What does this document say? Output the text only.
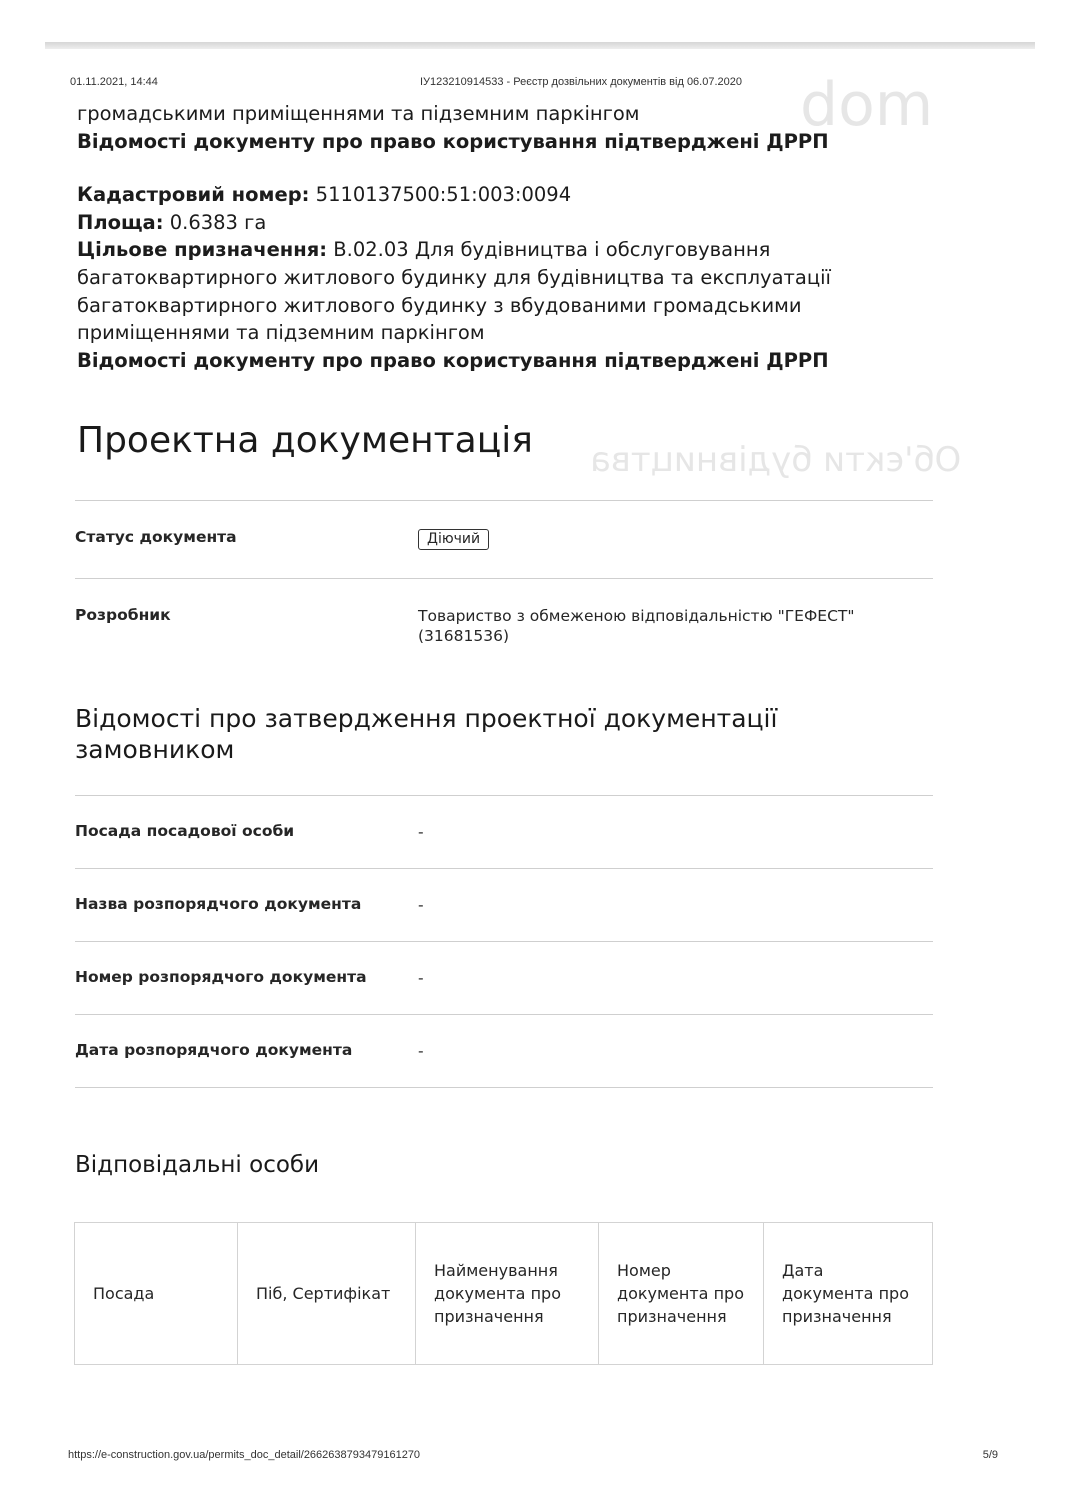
dom
Об'єкти будівництва
01.11.2021, 14:44	ІУ123210914533 - Реєстр дозвільних документів від 06.07.2020

громадськими приміщеннями та підземним паркінгом

Відомості документу про право користування підтверджені ДРРП

Кадастровий номер: 5110137500:51:003:0094

Площа: 0.6383 га

Цільове призначення: В.02.03 Для будівництва і обслуговування

багатоквартирного житлового будинку для будівництва та експлуатації

багатоквартирного житлового будинку з вбудованими громадськими

приміщеннями та підземним паркінгом

Відомості документу про право користування підтверджені ДРРП

Проектна документація
Статус документа	Діючий
Розробник	Товариство з обмеженою відповідальністю "ГЕФЕСТ"
(31681536)
Відомості про затвердження проектної документації
замовником
Посада посадової особи	-
Назва розпорядчого документа	-
Номер розпорядчого документа	-
Дата розпорядчого документа	-
Відповідальні особи
Посада	Піб, Сертифікат	Найменування документа про призначення	Номер документа про призначення	Дата документа про призначення
https://e-construction.gov.ua/permits_doc_detail/2662638793479161270	5/9
